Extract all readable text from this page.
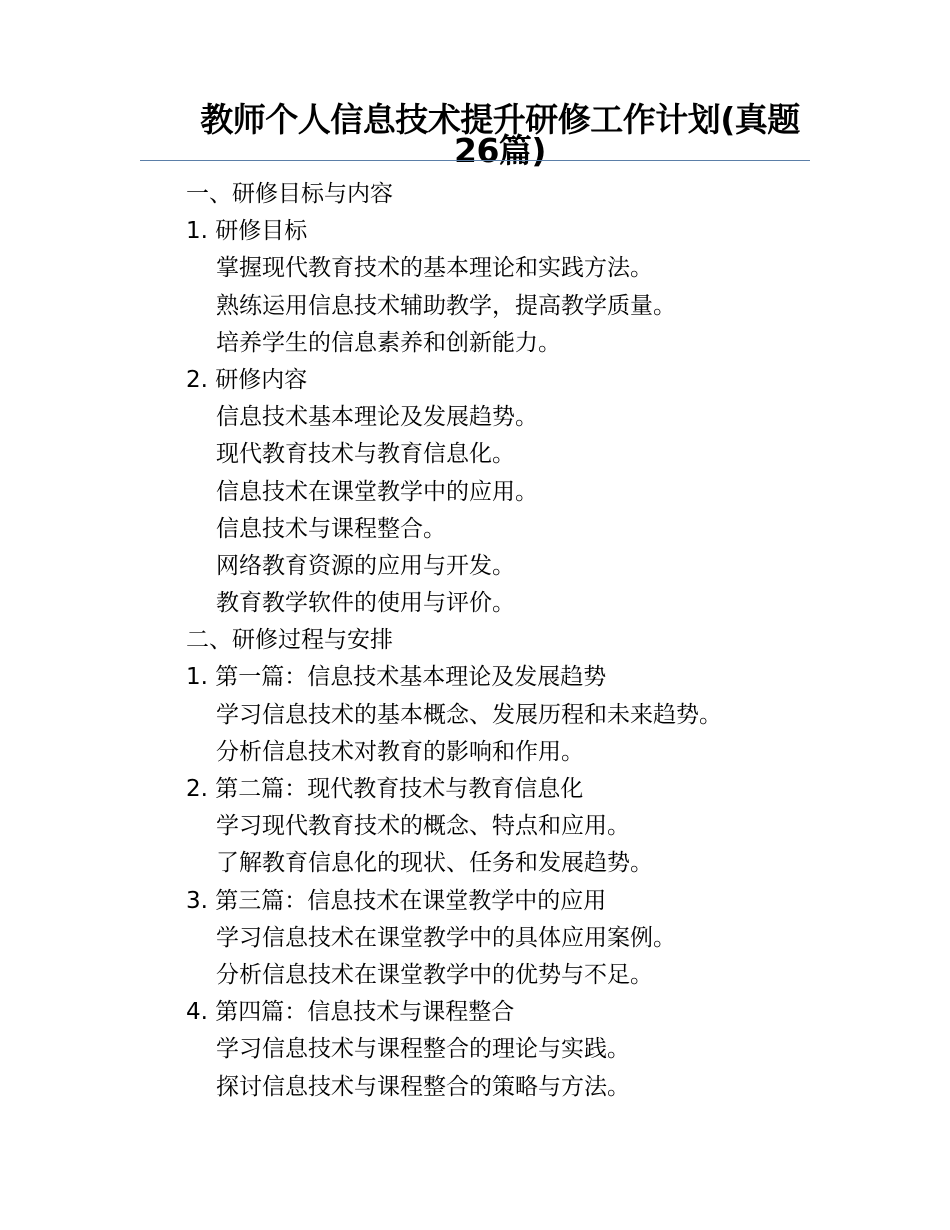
教师个人信息技术提升研修工作计划(真题26篇)
一、研修目标与内容
1. 研修目标
掌握现代教育技术的基本理论和实践方法。
熟练运用信息技术辅助教学，提高教学质量。
培养学生的信息素养和创新能力。
2. 研修内容
信息技术基本理论及发展趋势。
现代教育技术与教育信息化。
信息技术在课堂教学中的应用。
信息技术与课程整合。
网络教育资源的应用与开发。
教育教学软件的使用与评价。
二、研修过程与安排
1. 第一篇：信息技术基本理论及发展趋势
学习信息技术的基本概念、发展历程和未来趋势。
分析信息技术对教育的影响和作用。
2. 第二篇：现代教育技术与教育信息化
学习现代教育技术的概念、特点和应用。
了解教育信息化的现状、任务和发展趋势。
3. 第三篇：信息技术在课堂教学中的应用
学习信息技术在课堂教学中的具体应用案例。
分析信息技术在课堂教学中的优势与不足。
4. 第四篇：信息技术与课程整合
学习信息技术与课程整合的理论与实践。
探讨信息技术与课程整合的策略与方法。
